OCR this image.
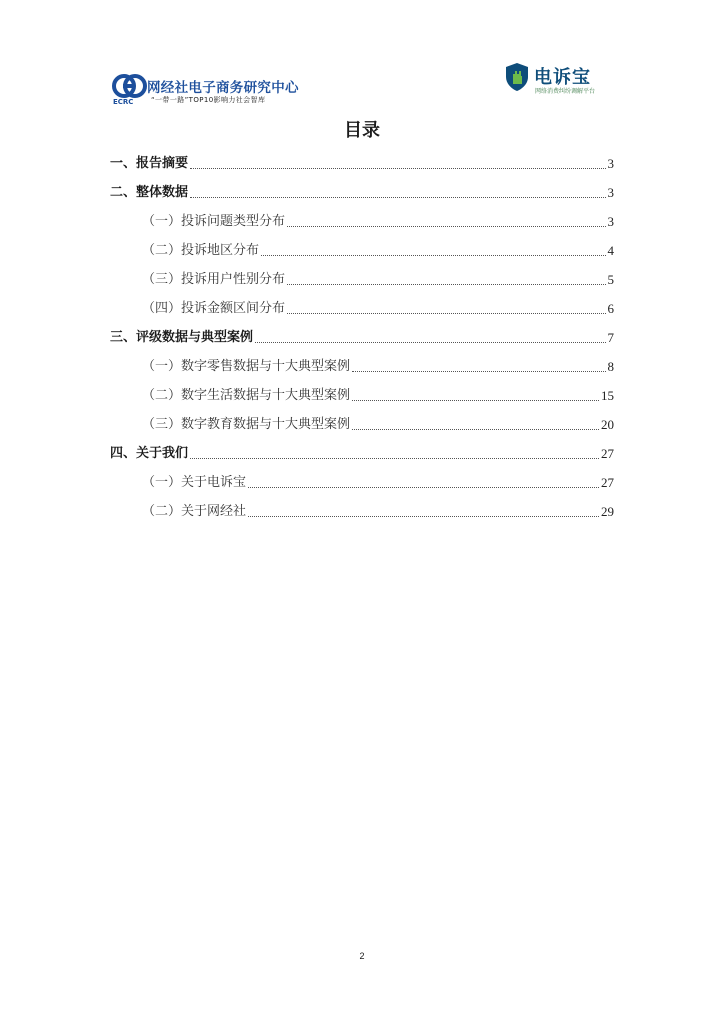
ECRC
网经社电子商务研究中心
“一带一路”TOP10影响力社会智库
电诉宝
网络消费纠纷调解平台
目录
一、报告摘要	3
二、整体数据	3
（一）投诉问题类型分布	3
（二）投诉地区分布	4
（三）投诉用户性别分布	5
（四）投诉金额区间分布	6
三、评级数据与典型案例	7
（一）数字零售数据与十大典型案例	8
（二）数字生活数据与十大典型案例	15
（三）数字教育数据与十大典型案例	20
四、关于我们	27
（一）关于电诉宝	27
（二）关于网经社	29
2
